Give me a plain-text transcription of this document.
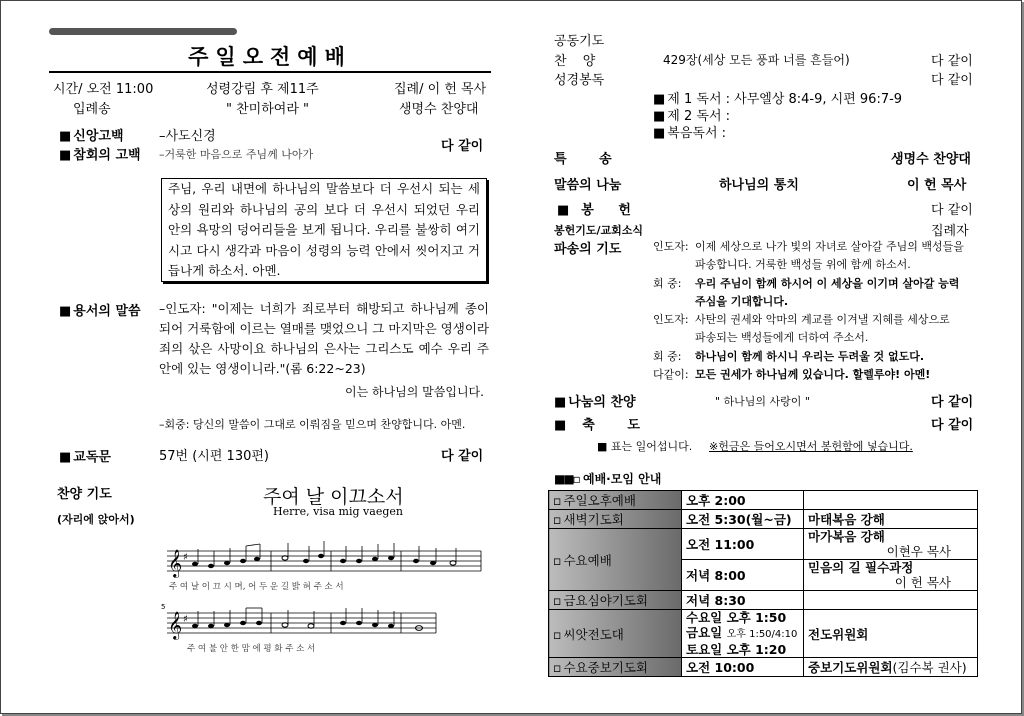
주일오전예배
시간/ 오전 11:00	성령강림 후 제11주	집례/ 이 헌 목사
입례송	" 찬미하여라 "	생명수 찬양대
■ 신앙고백	–사도신경
■ 참회의 고백 –거룩한 마음으로 주님께 나아가
다 같이

주님, 우리 내면에 하나님의 말씀보다 더 우선시 되는 세상의 원리와 하나님의 공의 보다 더 우선시 되었던 우리 안의 욕망의 덩어리들을 보게 됩니다. 우리를 불쌍히 여기시고 다시 생각과 마음이 성령의 능력 안에서 씻어지고 거듭나게 하소서. 아멘.

■ 용서의 말씀 –인도자: "이제는 너희가 죄로부터 해방되고 하나님께 종이 되어 거룩함에 이르는 열매를 맺었으니 그 마지막은 영생이라 죄의 삯은 사망이요 하나님의 은사는 그리스도 예수 우리 주 안에 있는 영생이니라."(롬 6:22~23)
이는 하나님의 말씀입니다.
–회중: 당신의 말씀이 그대로 이뤄짐을 믿으며 찬양합니다. 아멘.
■ 교독문	57번 (시편 130편)	다 같이
찬양 기도
(자리에 앉아서)
주여 날 이끄소서
Herre, visa mig vaegen
𝄞 ♯
주 여 날 이 끄 시 며, 어 두 운 길 밝 혀 주 소 서
5
𝄞 ♯
주 여 불 안 한 맘 에 평 화 주 소 서
공동기도
찬 양	429장(세상 모든 풍파 너를 흔들어)	다 같이
성경봉독	다 같이
■ 제 1 독서 : 사무엘상 8:4-9, 시편 96:7-9
■ 제 2 독서 :
■ 복음독서 :
특 송	생명수 찬양대
말씀의 나눔	하나님의 통치	이 헌 목사
■ 봉 헌	다 같이
봉헌기도/교회소식	집례자
파송의 기도	인도자: 이제 세상으로 나가 빛의 자녀로 살아갈 주님의 백성들을
파송합니다. 거룩한 백성들 위에 함께 하소서.
회 중: 우리 주님이 함께 하시어 이 세상을 이기며 살아갈 능력
주심을 기대합니다.
인도자: 사탄의 권세와 악마의 계교를 이겨낼 지혜를 세상으로
파송되는 백성들에게 더하여 주소서.
회 중: 하나님이 함께 하시니 우리는 두려울 것 없도다.
다같이: 모든 권세가 하나님께 있습니다. 할렐루야! 아멘!
■ 나눔의 찬양	" 하나님의 사랑이 "	다 같이
■ 축 도	다 같이
■ 표는 일어섭니다. ※헌금은 들어오시면서 봉헌함에 넣습니다.
■■▫ 예배·모임 안내
▫ 주일오후예배	오후 2:00	
▫ 새벽기도회	오전 5:30(월~금)	마태복음 강해
▫ 수요예배	오전 11:00	마가복음 강해
이현우 목사

	저녁 8:00	믿음의 길 필수과정
이 헌 목사

▫ 금요심야기도회	저녁 8:30	
▫ 씨앗전도대	수요일 오후 1:50
금요일 오후 1:50/4:10
토요일 오후 1:20	전도위원회
▫ 수요중보기도회	오전 10:00	중보기도위원회(김수복 권사)
